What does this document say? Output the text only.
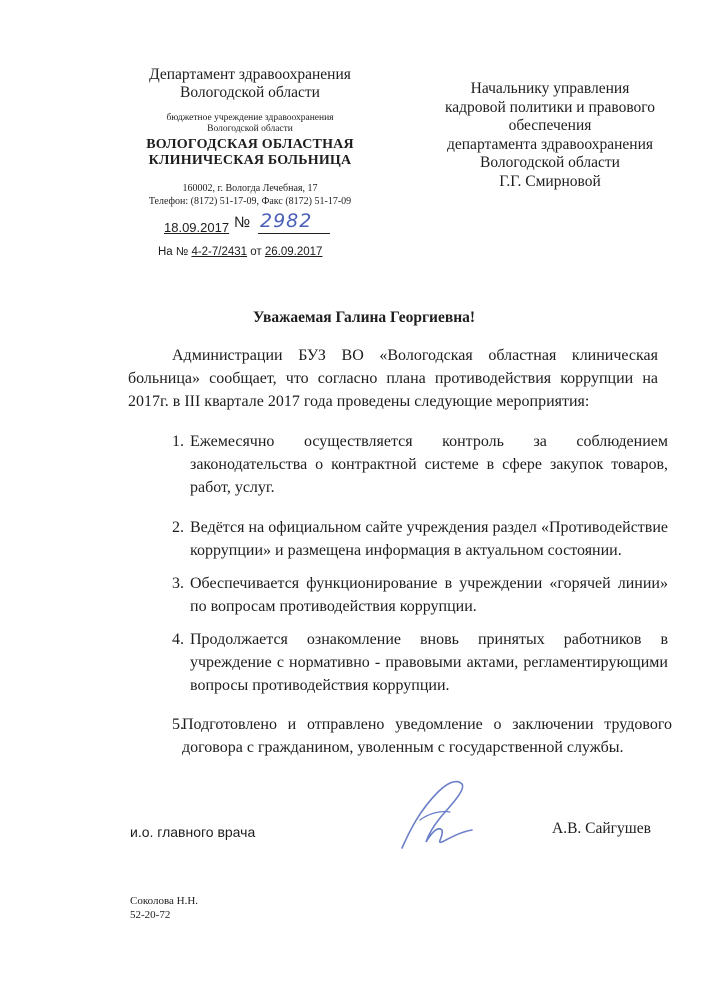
Департамент здравоохранения
Вологодской области
бюджетное учреждение здравоохранения
Вологодской области
ВОЛОГОДСКАЯ ОБЛАСТНАЯ
КЛИНИЧЕСКАЯ БОЛЬНИЦА
160002, г. Вологда Лечебная, 17
Телефон: (8172) 51-17-09, Факс (8172) 51-17-09
18.09.2017 № 2982
На № 4-2-7/2431 от 26.09.2017
Начальнику управления
кадровой политики и правового
обеспечения
департамента здравоохранения
Вологодской области
Г.Г. Смирновой
Уважаемая Галина Георгиевна!
Администрации БУЗ ВО «Вологодская областная клиническая больница» сообщает, что согласно плана противодействия коррупции на 2017г. в III квартале 2017 года проведены следующие мероприятия:
1. Ежемесячно осуществляется контроль за соблюдением законодательства о контрактной системе в сфере закупок товаров, работ, услуг.
2. Ведётся на официальном сайте учреждения раздел «Противодействие коррупции» и размещена информация в актуальном состоянии.
3. Обеспечивается функционирование в учреждении «горячей линии» по вопросам противодействия коррупции.
4. Продолжается ознакомление вновь принятых работников в учреждение с нормативно - правовыми актами, регламентирующими вопросы противодействия коррупции.
5.
Подготовлено и отправлено уведомление о заключении трудового договора с гражданином, уволенным с государственной службы.
и.о. главного врача	А.В. Сайгушев
Соколова Н.Н.
52-20-72
